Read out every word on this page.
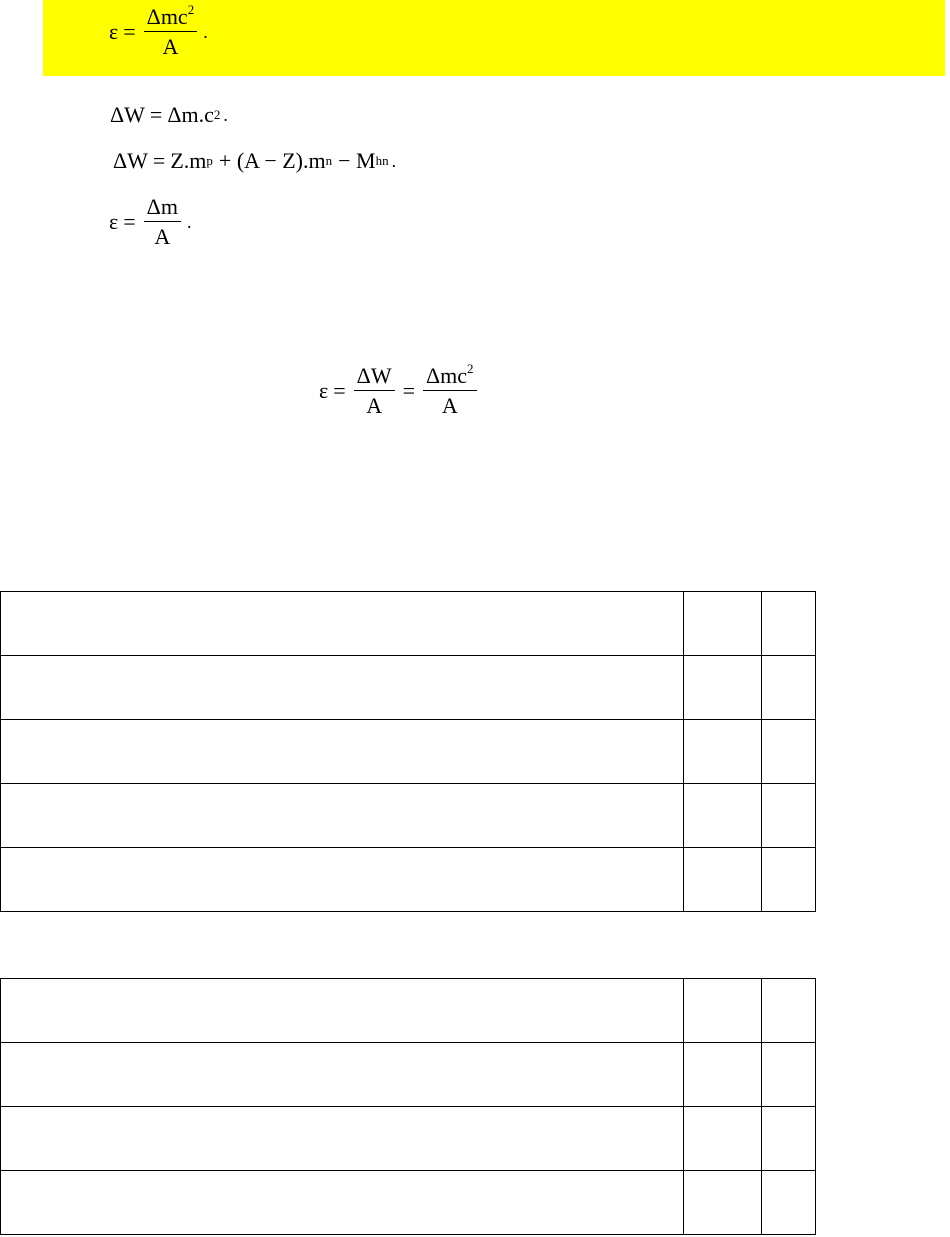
$\varepsilon = \frac{\Delta mc^2}{A}$ .
ΔW = Δm.c 2 .
ΔW = Z.m p + (A − Z).m n − M hn .
$\varepsilon = \frac{\Delta m}{A}$ .
$\varepsilon = \frac{\Delta W}{A} = \frac{\Delta mc^2}{A}$
